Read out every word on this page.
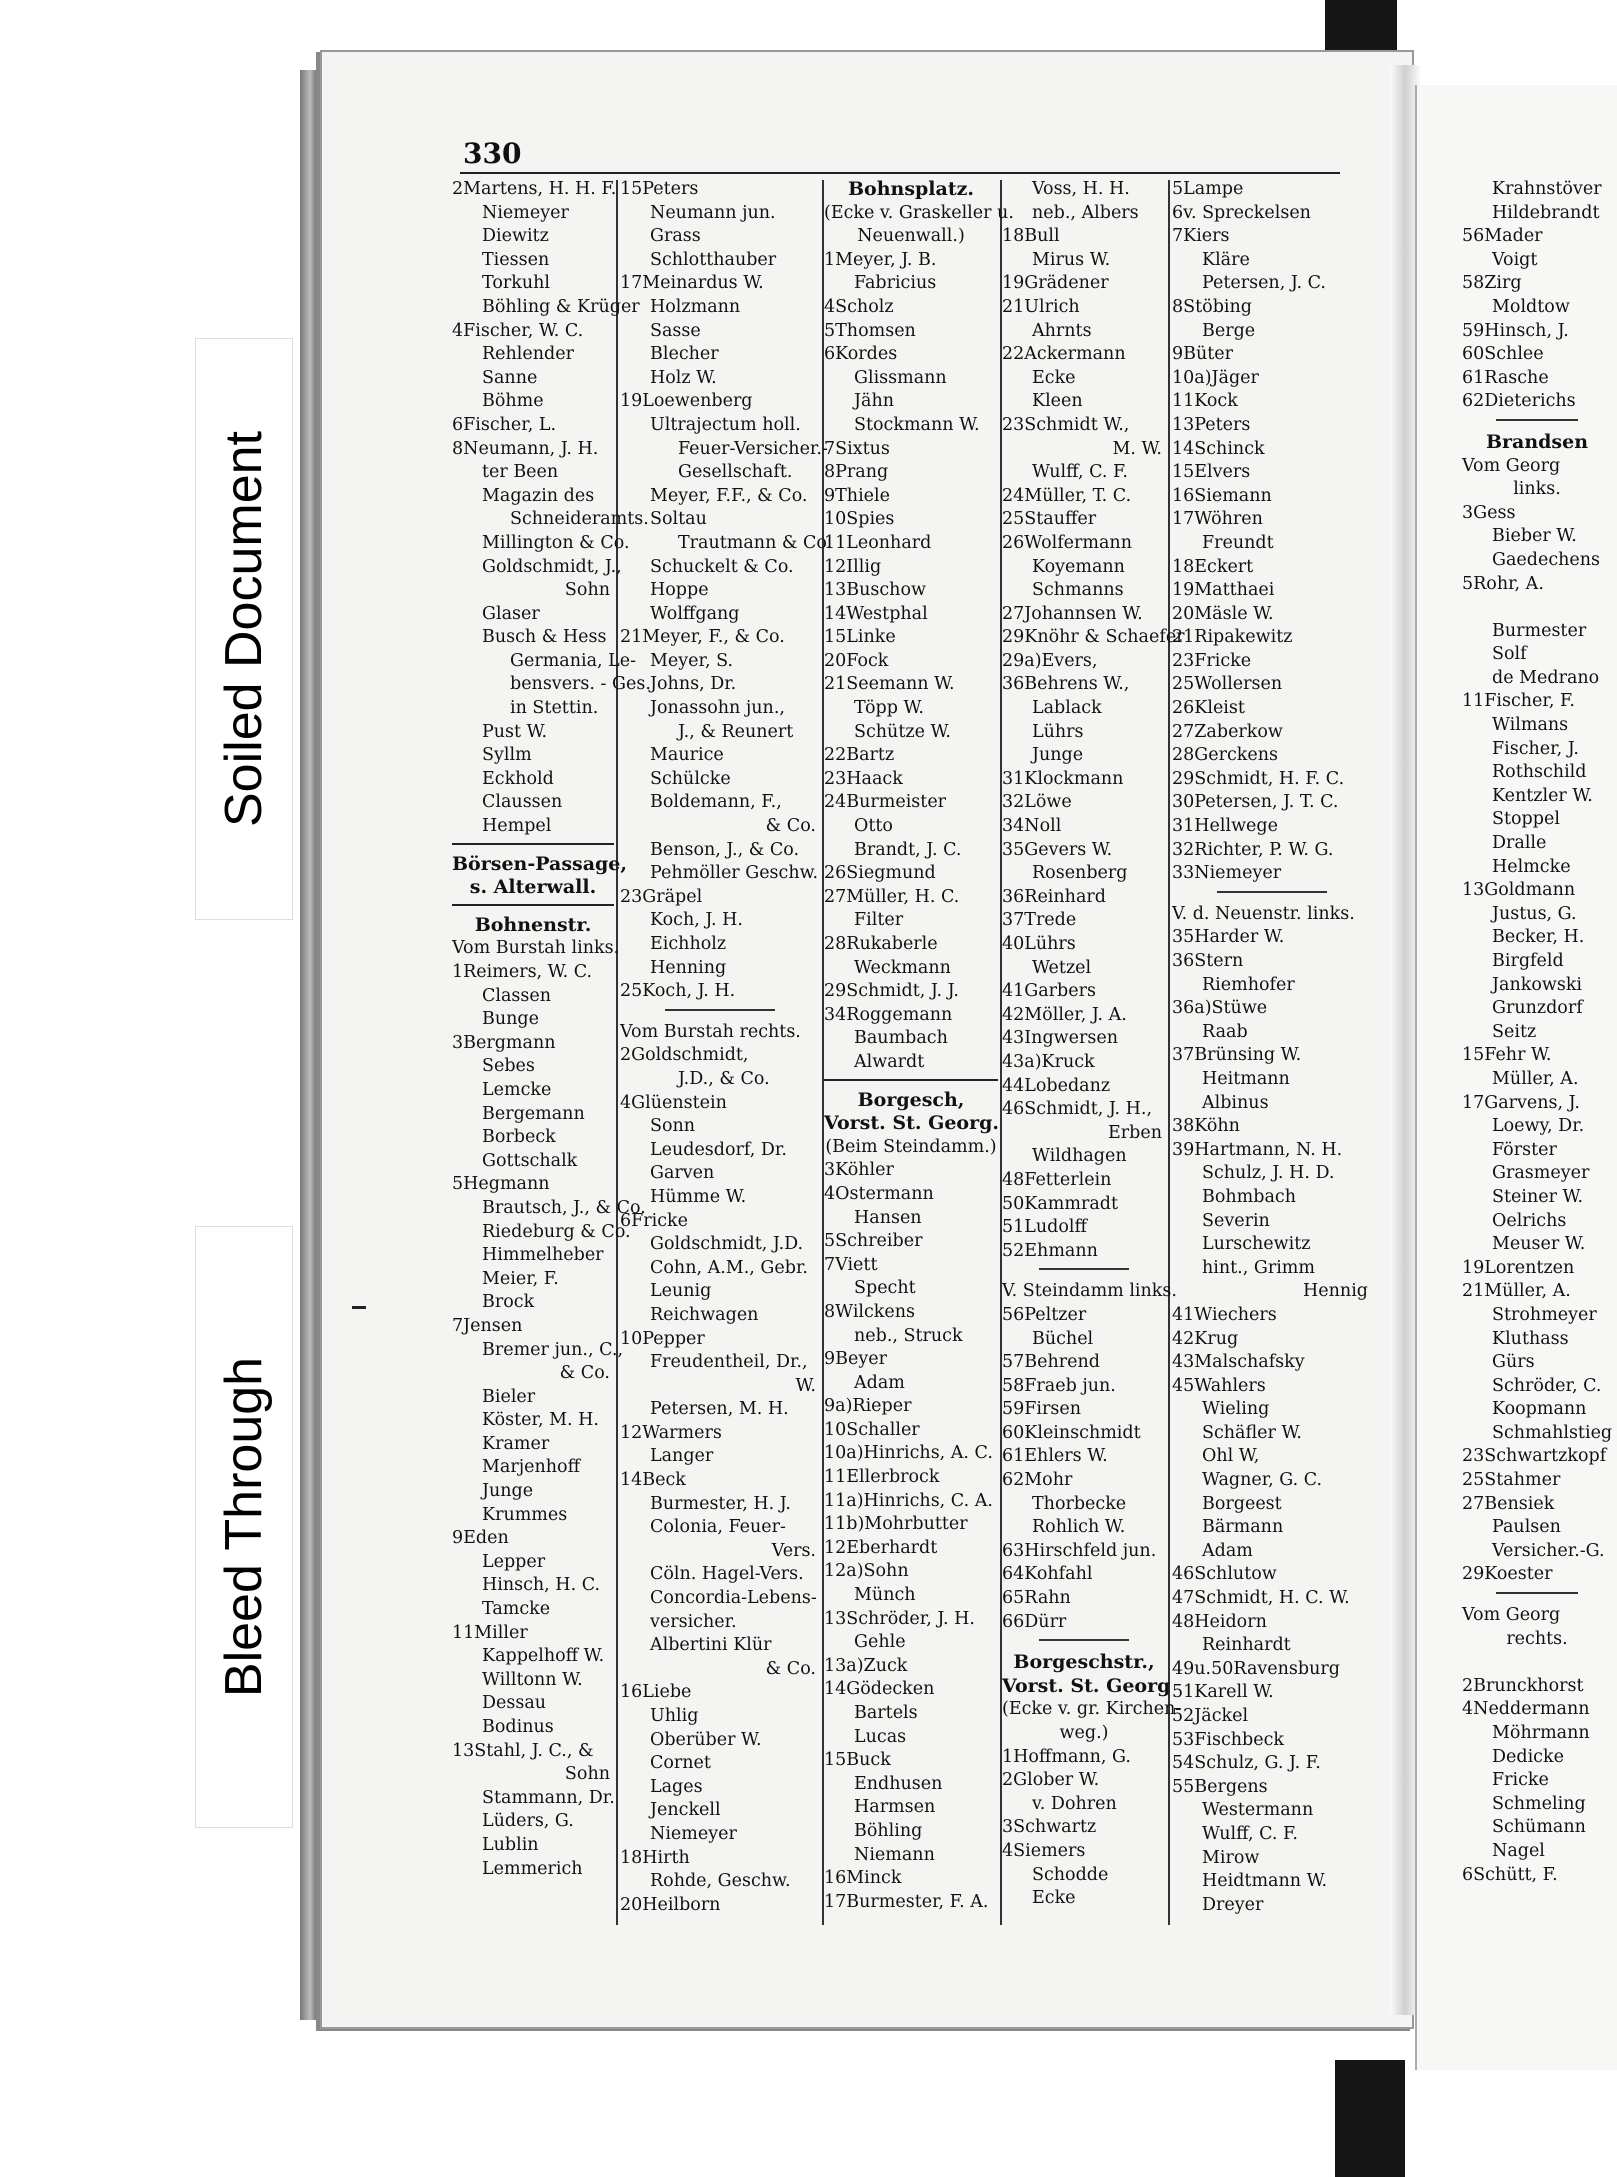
330
2Martens, H. H. F.
Niemeyer
Diewitz
Tiessen
Torkuhl
Böhling & Krüger
4Fischer, W. C.
Rehlender
Sanne
Böhme
6Fischer, L.
8Neumann, J. H.
ter Been
Magazin des
Schneideramts.
Millington & Co.
Goldschmidt, J.,
Sohn
Glaser
Busch & Hess
Germania, Le-
bensvers. - Ges.
in Stettin.
Pust W.
Syllm
Eckhold
Claussen
Hempel
Börsen-Passage,
s. Alterwall.
Bohnenstr.
Vom Burstah links.
1Reimers, W. C.
Classen
Bunge
3Bergmann
Sebes
Lemcke
Bergemann
Borbeck
Gottschalk
5Hegmann
Brautsch, J., & Co.
Riedeburg & Co.
Himmelheber
Meier, F.
Brock
7Jensen
Bremer jun., C.,
& Co.
Bieler
Köster, M. H.
Kramer
Marjenhoff
Junge
Krummes
9Eden
Lepper
Hinsch, H. C.
Tamcke
11Miller
Kappelhoff W.
Willtonn W.
Dessau
Bodinus
13Stahl, J. C., &
Sohn
Stammann, Dr.
Lüders, G.
Lublin
Lemmerich
15Peters
Neumann jun.
Grass
Schlotthauber
17Meinardus W.
Holzmann
Sasse
Blecher
Holz W.
19Loewenberg
Ultrajectum holl.
Feuer-Versicher.-
Gesellschaft.
Meyer, F.F., & Co.
Soltau
Trautmann & Co.
Schuckelt & Co.
Hoppe
Wolffgang
21Meyer, F., & Co.
Meyer, S.
Johns, Dr.
Jonassohn jun.,
J., & Reunert
Maurice
Schülcke
Boldemann, F.,
& Co.
Benson, J., & Co.
Pehmöller Geschw.
23Gräpel
Koch, J. H.
Eichholz
Henning
25Koch, J. H.
Vom Burstah rechts.
2Goldschmidt,
J.D., & Co.
4Glüenstein
Sonn
Leudesdorf, Dr.
Garven
Hümme W.
6Fricke
Goldschmidt, J.D.
Cohn, A.M., Gebr.
Leunig
Reichwagen
10Pepper
Freudentheil, Dr.,
W.
Petersen, M. H.
12Warmers
Langer
14Beck
Burmester, H. J.
Colonia, Feuer-
Vers.
Cöln. Hagel-Vers.
Concordia-Lebens-
versicher.
Albertini Klür
& Co.
16Liebe
Uhlig
Oberüber W.
Cornet
Lages
Jenckell
Niemeyer
18Hirth
Rohde, Geschw.
20Heilborn
Bohnsplatz.
(Ecke v. Graskeller u.
Neuenwall.)
1Meyer, J. B.
Fabricius
4Scholz
5Thomsen
6Kordes
Glissmann
Jähn
Stockmann W.
7Sixtus
8Prang
9Thiele
10Spies
11Leonhard
12Illig
13Buschow
14Westphal
15Linke
20Fock
21Seemann W.
Töpp W.
Schütze W.
22Bartz
23Haack
24Burmeister
Otto
Brandt, J. C.
26Siegmund
27Müller, H. C.
Filter
28Rukaberle
Weckmann
29Schmidt, J. J.
34Roggemann
Baumbach
Alwardt
Borgesch,
Vorst. St. Georg.
(Beim Steindamm.)
3Köhler
4Ostermann
Hansen
5Schreiber
7Viett
Specht
8Wilckens
neb., Struck
9Beyer
Adam
9a)Rieper
10Schaller
10a)Hinrichs, A. C.
11Ellerbrock
11a)Hinrichs, C. A.
11b)Mohrbutter
12Eberhardt
12a)Sohn
Münch
13Schröder, J. H.
Gehle
13a)Zuck
14Gödecken
Bartels
Lucas
15Buck
Endhusen
Harmsen
Böhling
Niemann
16Minck
17Burmester, F. A.
Voss, H. H.
neb., Albers
18Bull
Mirus W.
19Grädener
21Ulrich
Ahrnts
22Ackermann
Ecke
Kleen
23Schmidt W.,
M. W.
Wulff, C. F.
24Müller, T. C.
25Stauffer
26Wolfermann
Koyemann
Schmanns
27Johannsen W.
29Knöhr & Schaefer
29a)Evers,
36Behrens W.,
Lablack
Lührs
Junge
31Klockmann
32Löwe
34Noll
35Gevers W.
Rosenberg
36Reinhard
37Trede
40Lührs
Wetzel
41Garbers
42Möller, J. A.
43Ingwersen
43a)Kruck
44Lobedanz
46Schmidt, J. H.,
Erben
Wildhagen
48Fetterlein
50Kammradt
51Ludolff
52Ehmann
V. Steindamm links.
56Peltzer
Büchel
57Behrend
58Fraeb jun.
59Firsen
60Kleinschmidt
61Ehlers W.
62Mohr
Thorbecke
Rohlich W.
63Hirschfeld jun.
64Kohfahl
65Rahn
66Dürr
Borgeschstr.,
Vorst. St. Georg
(Ecke v. gr. Kirchen-
weg.)
1Hoffmann, G.
2Glober W.
v. Dohren
3Schwartz
4Siemers
Schodde
Ecke
5Lampe
6v. Spreckelsen
7Kiers
Kläre
Petersen, J. C.
8Stöbing
Berge
9Büter
10a)Jäger
11Kock
13Peters
14Schinck
15Elvers
16Siemann
17Wöhren
Freundt
18Eckert
19Matthaei
20Mäsle W.
21Ripakewitz
23Fricke
25Wollersen
26Kleist
27Zaberkow
28Gerckens
29Schmidt, H. F. C.
30Petersen, J. T. C.
31Hellwege
32Richter, P. W. G.
33Niemeyer
V. d. Neuenstr. links.
35Harder W.
36Stern
Riemhofer
36a)Stüwe
Raab
37Brünsing W.
Heitmann
Albinus
38Köhn
39Hartmann, N. H.
Schulz, J. H. D.
Bohmbach
Severin
Lurschewitz
hint., Grimm
Hennig
41Wiechers
42Krug
43Malschafsky
45Wahlers
Wieling
Schäfler W.
Ohl W,
Wagner, G. C.
Borgeest
Bärmann
Adam
46Schlutow
47Schmidt, H. C. W.
48Heidorn
Reinhardt
49u.50Ravensburg
51Karell W.
52Jäckel
53Fischbeck
54Schulz, G. J. F.
55Bergens
Westermann
Wulff, C. F.
Mirow
Heidtmann W.
Dreyer
Krahnstöver
Hildebrandt
56Mader
Voigt
58Zirg
Moldtow
59Hinsch, J.
60Schlee
61Rasche
62Dieterichs
Brandsen
Vom Georg
links.
3Gess
Bieber W.
Gaedechens
5Rohr, A.
Burmester
Solf
de Medrano
11Fischer, F.
Wilmans
Fischer, J.
Rothschild
Kentzler W.
Stoppel
Dralle
Helmcke
13Goldmann
Justus, G.
Becker, H.
Birgfeld
Jankowski
Grunzdorf
Seitz
15Fehr W.
Müller, A.
17Garvens, J.
Loewy, Dr.
Förster
Grasmeyer
Steiner W.
Oelrichs
Meuser W.
19Lorentzen
21Müller, A.
Strohmeyer
Kluthass
Gürs
Schröder, C.
Koopmann
Schmahlstieg
23Schwartzkopf
25Stahmer
27Bensiek
Paulsen
Versicher.-G.
29Koester
Vom Georg
rechts.
2Brunckhorst
4Neddermann
Möhrmann
Dedicke
Fricke
Schmeling
Schümann
Nagel
6Schütt, F.
Soiled Document
Bleed Through
